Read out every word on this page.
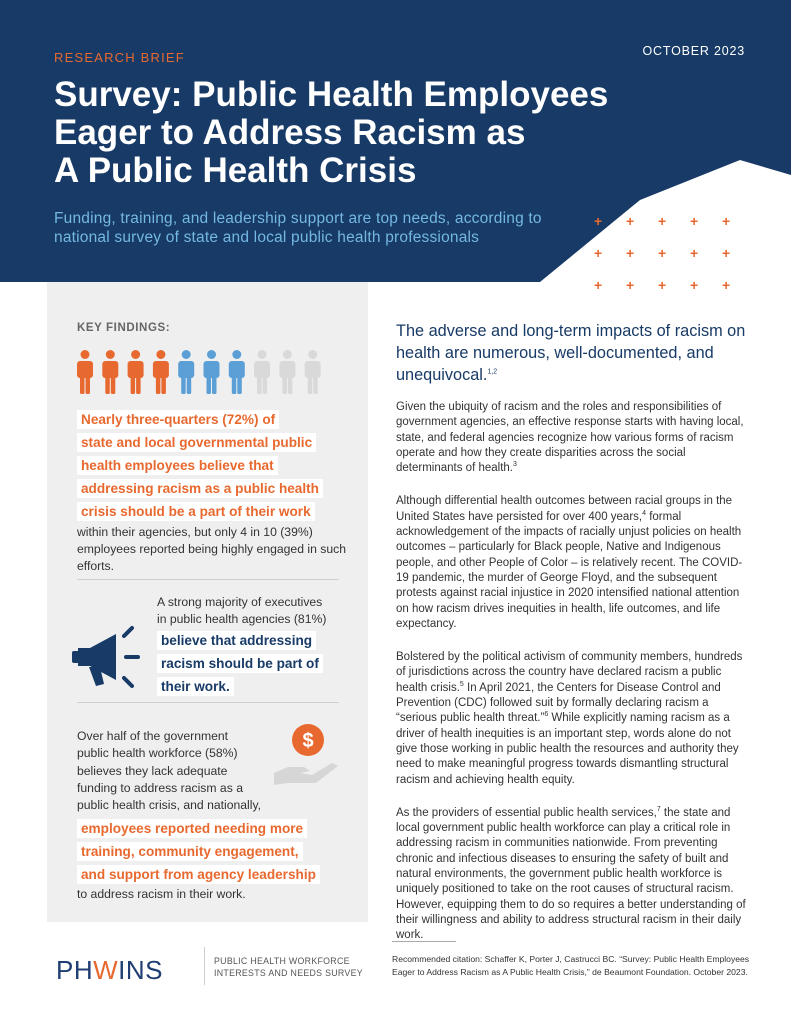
RESEARCH BRIEF	OCTOBER 2023
Survey: Public Health Employees
Eager to Address Racism as
A Public Health Crisis
Funding, training, and leadership support are top needs, according to national survey of state and local public health professionals
+ + + + +
+ + + + +
+ + + + +
KEY FINDINGS:
Nearly three-quarters (72%) of
state and local governmental public
health employees believe that
addressing racism as a public health
crisis should be a part of their work
within their agencies, but only 4 in 10 (39%) employees reported being highly engaged in such efforts.
A strong majority of executives
in public health agencies (81%)
believe that addressing
racism should be part of
their work.
Over half of the government
public health workforce (58%)
believes they lack adequate
funding to address racism as a
public health crisis, and nationally,
employees reported needing more
training, community engagement,
and support from agency leadership
to address racism in their work.
$
PHWINS	PUBLIC HEALTH WORKFORCE
INTERESTS AND NEEDS SURVEY
The adverse and long-term impacts of racism on health are numerous, well-documented, and unequivocal.$^{1,2}$

Given the ubiquity of racism and the roles and responsibilities of government agencies, an effective response starts with having local, state, and federal agencies recognize how various forms of racism operate and how they create disparities across the social determinants of health.$^3$

Although differential health outcomes between racial groups in the United States have persisted for over 400 years,$^4$ formal acknowledgement of the impacts of racially unjust policies on health outcomes – particularly for Black people, Native and Indigenous people, and other People of Color – is relatively recent. The COVID-19 pandemic, the murder of George Floyd, and the subsequent protests against racial injustice in 2020 intensified national attention on how racism drives inequities in health, life outcomes, and life expectancy.

Bolstered by the political activism of community members, hundreds of jurisdictions across the country have declared racism a public health crisis.$^5$ In April 2021, the Centers for Disease Control and Prevention (CDC) followed suit by formally declaring racism a “serious public health threat.”$^6$ While explicitly naming racism as a driver of health inequities is an important step, words alone do not give those working in public health the resources and authority they need to make meaningful progress towards dismantling structural racism and achieving health equity.

As the providers of essential public health services,$^7$ the state and local government public health workforce can play a critical role in addressing racism in communities nationwide. From preventing chronic and infectious diseases to ensuring the safety of built and natural environments, the government public health workforce is uniquely positioned to take on the root causes of structural racism. However, equipping them to do so requires a better understanding of their willingness and ability to address structural racism in their daily work.

Recommended citation: Schaffer K, Porter J, Castrucci BC. “Survey: Public Health Employees Eager to Address Racism as A Public Health Crisis,” de Beaumont Foundation. October 2023.
